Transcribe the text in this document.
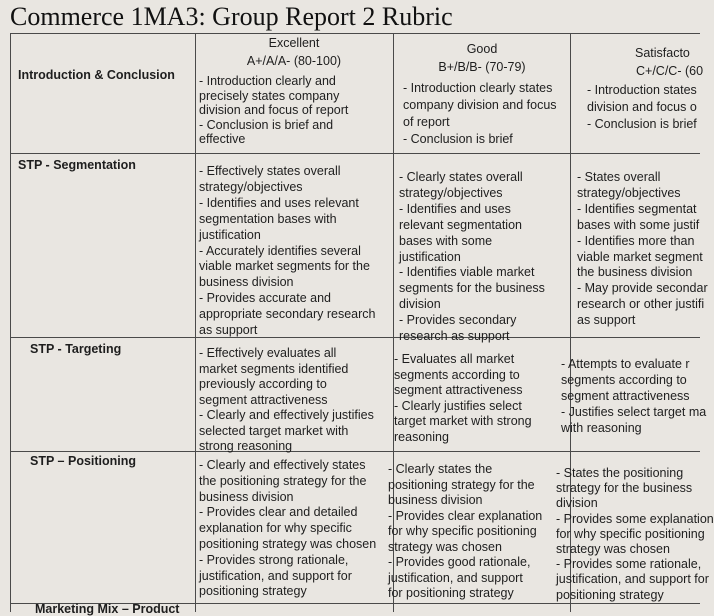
Commerce 1MA3: Group Report 2 Rubric
Excellent
A+/A/A- (80-100)
Good
B+/B/B- (70-79)
Satisfacto
C+/C/C- (60
Introduction & Conclusion
STP - Segmentation
STP - Targeting
STP – Positioning
Marketing Mix – Product
- Introduction clearly and
precisely states company
division and focus of report
- Conclusion is brief and
effective
- Introduction clearly states
company division and focus
of report
- Conclusion is brief
- Introduction states
division and focus o
- Conclusion is brief
- Effectively states overall
strategy/objectives
- Identifies and uses relevant
segmentation bases with
justification
- Accurately identifies several
viable market segments for the
business division
- Provides accurate and
appropriate secondary research
as support
- Clearly states overall
strategy/objectives
- Identifies and uses
relevant segmentation
bases with some
justification
- Identifies viable market
segments for the business
division
- Provides secondary
research as support
- States overall
strategy/objectives
- Identifies segmentat
bases with some justif
- Identifies more than
viable market segment
the business division
- May provide secondar
research or other justifi
as support
- Effectively evaluates all
market segments identified
previously according to
segment attractiveness
- Clearly and effectively justifies
selected target market with
strong reasoning
- Evaluates all market
segments according to
segment attractiveness
- Clearly justifies select
target market with strong
reasoning
- Attempts to evaluate r
segments according to
segment attractiveness
- Justifies select target ma
with reasoning
- Clearly and effectively states
the positioning strategy for the
business division
- Provides clear and detailed
explanation for why specific
positioning strategy was chosen
- Provides strong rationale,
justification, and support for
positioning strategy
- Clearly states the
positioning strategy for the
business division
- Provides clear explanation
for why specific positioning
strategy was chosen
- Provides good rationale,
justification, and support
for positioning strategy
- States the positioning
strategy for the business
division
- Provides some explanation
for why specific positioning
strategy was chosen
- Provides some rationale,
justification, and support for
positioning strategy
